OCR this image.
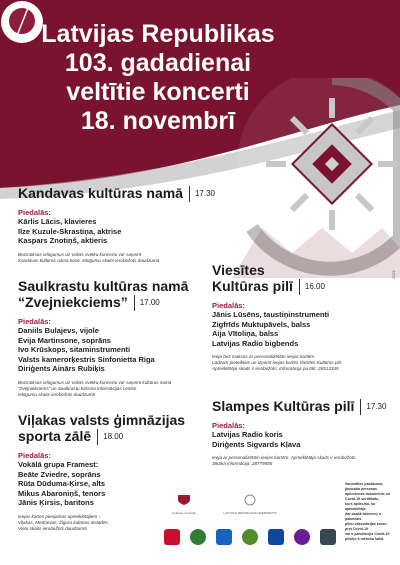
Latvijas Republikas
103. gadadienai
veltītie koncerti
18. novembrī
LATVIJAS SIMTGADE
2021
Kandavas kultūras namā 17.30
Piedalās:
Kārlis Lācis, klavieres
Ilze Ķuzule-Skrastiņa, aktrise
Kaspars Znotiņš, aktieris
Bezmaksas ielūgumus uz Valsts svētku koncertu var saņemt
Kandavas kultūras nama kasē. Ielūgumu skaits ierobežots daudzumā
Saulkrastu kultūras namā
“Zvejniekciems” 17.00
Piedalās:
Daniils Bulajevs, vijole
Evija Martinsone, soprāns
Ivo Krūskops, sitaminstrumenti
Valsts kamerorķestris Sinfonietta Riga
Diriģents Ainārs Rubiķis
Bezmaksas ielūgumus uz Valsts svētku koncertu var saņemt kultūras namā
“Zvejniekciems” un Saulkrastu tūrisma informācijas centrā.
Ielūgumu skaits ierobežots daudzumā
Viļakas valsts ģimnāzijas
sporta zālē 18.00
Piedalās:
Vokālā grupa Framest:
Beāte Zviedre, soprāns
Rūta Dūduma-Ķirse, alts
Mikus Abaroniņš, tenors
Jānis Ķirsis, baritons
Ieejas kartes pieejamas apmeklētājiem –
Viļakas, Medņevas, Žiguru kultūras iestādēs.
Vietu skaits ierobežots daudzumā
Viesītes
Kultūras pilī 16.00
Piedalās:
Jānis Lūsēns, taustiņinstrumenti
Zigfrīds Muktupāvels, balss
Aija Vītoliņa, balss
Latvijas Radio bigbends
Ieeja bez maksas ar personalizētām ieejas kartēm.
Lūdzam pieteikties un izņemt ieejas kartes Viesītes Kultūras pilī.
Apmeklētāju skaits ir ierobežots. Informācija pa tālr. 26513349
Slampes Kultūras pilī 17.30
Piedalās:
Latvijas Radio koris
Diriģents Sigvards Kļava
Ieeja ar personalizētām ieejas kartēm. Apmeklētāju skaits ir ierobežots.
Sīkāka informācija: 28779585
Kultūras ministrija	LATVIJAS REPUBLIKAS PREZIDENTS
Sarunāties pasākuma,
jānorāda personas
apliecinošs dokuments un
Covid-19 sertifikāts,
kurš apliecina, ka apmeklētājs
(tai skaitā bērniem) ir pabeidzis
pilnu vakcinācijas kursu
pret Covid-19
vai ir pārslimojis Covid-19
pēdējo 6 mēnešu laikā.
